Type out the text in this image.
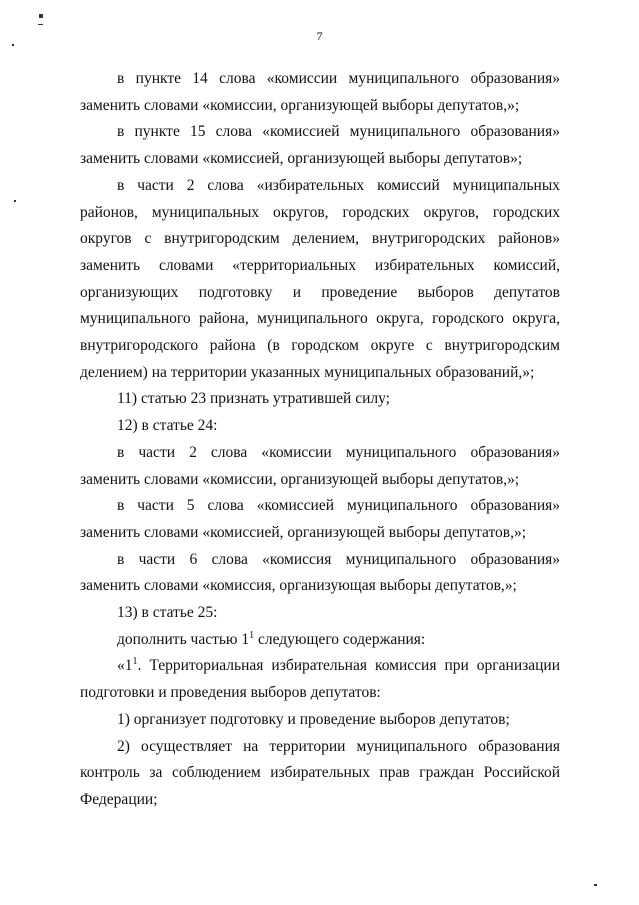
7

в пункте 14 слова «комиссии муниципального образования» заменить словами «комиссии, организующей выборы депутатов,»;

в пункте 15 слова «комиссией муниципального образования» заменить словами «комиссией, организующей выборы депутатов»;

в части 2 слова «избирательных комиссий муниципальных районов, муниципальных округов, городских округов, городских округов с внутригородским делением, внутригородских районов» заменить словами «территориальных избирательных комиссий, организующих подготовку и проведение выборов депутатов муниципального района, муниципального округа, городского округа, внутригородского района (в городском округе с внутригородским делением) на территории указанных муниципальных образований,»;

11) статью 23 признать утратившей силу;

12) в статье 24:

в части 2 слова «комиссии муниципального образования» заменить словами «комиссии, организующей выборы депутатов,»;

в части 5 слова «комиссией муниципального образования» заменить словами «комиссией, организующей выборы депутатов,»;

в части 6 слова «комиссия муниципального образования» заменить словами «комиссия, организующая выборы депутатов,»;

13) в статье 25:

дополнить частью $1^1$ следующего содержания:

«$1^1$. Территориальная избирательная комиссия при организации подготовки и проведения выборов депутатов:

1) организует подготовку и проведение выборов депутатов;

2) осуществляет на территории муниципального образования контроль за соблюдением избирательных прав граждан Российской Федерации;
